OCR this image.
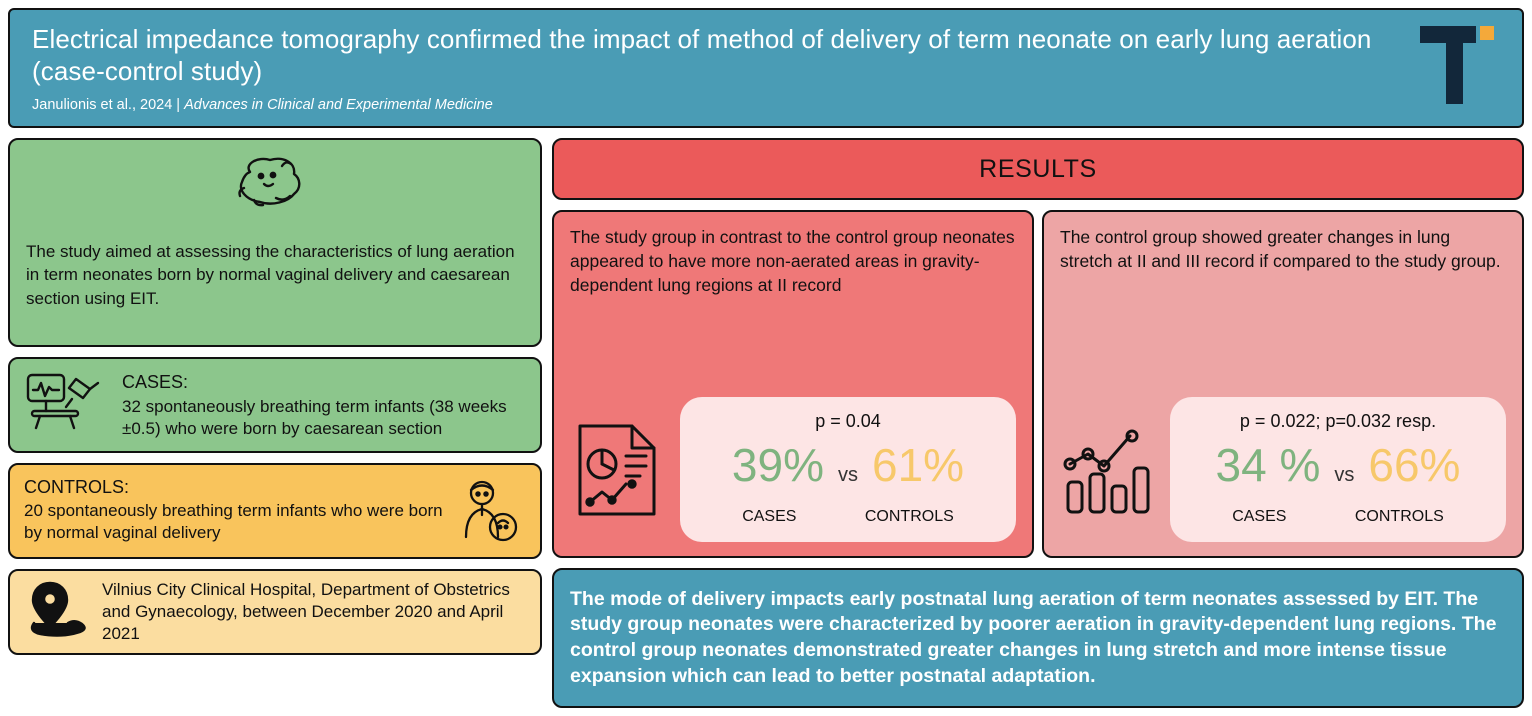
Electrical impedance tomography confirmed the impact of method of delivery of term neonate on early lung aeration (case-control study)
Janulionis et al., 2024 | Advances in Clinical and Experimental Medicine
The study aimed at assessing the characteristics of lung aeration in term neonates born by normal vaginal delivery and caesarean section using EIT.
CASES:
32 spontaneously breathing term infants (38 weeks ±0.5) who were born by caesarean section
CONTROLS:
20 spontaneously breathing term infants who were born by normal vaginal delivery
Vilnius City Clinical Hospital, Department of Obstetrics and Gynaecology, between December 2020 and April 2021
RESULTS
The study group in contrast to the control group neonates appeared to have more non-aerated areas in gravity-dependent lung regions at II record
p = 0.04
39% vs 61%
CASES	CONTROLS
The control group showed greater changes in lung stretch at II and III record if compared to the study group.
p = 0.022; p=0.032 resp.
34 % vs 66%
CASES	CONTROLS
The mode of delivery impacts early postnatal lung aeration of term neonates assessed by EIT. The study group neonates were characterized by poorer aeration in gravity-dependent lung regions. The control group neonates demonstrated greater changes in lung stretch and more intense tissue expansion which can lead to better postnatal adaptation.
